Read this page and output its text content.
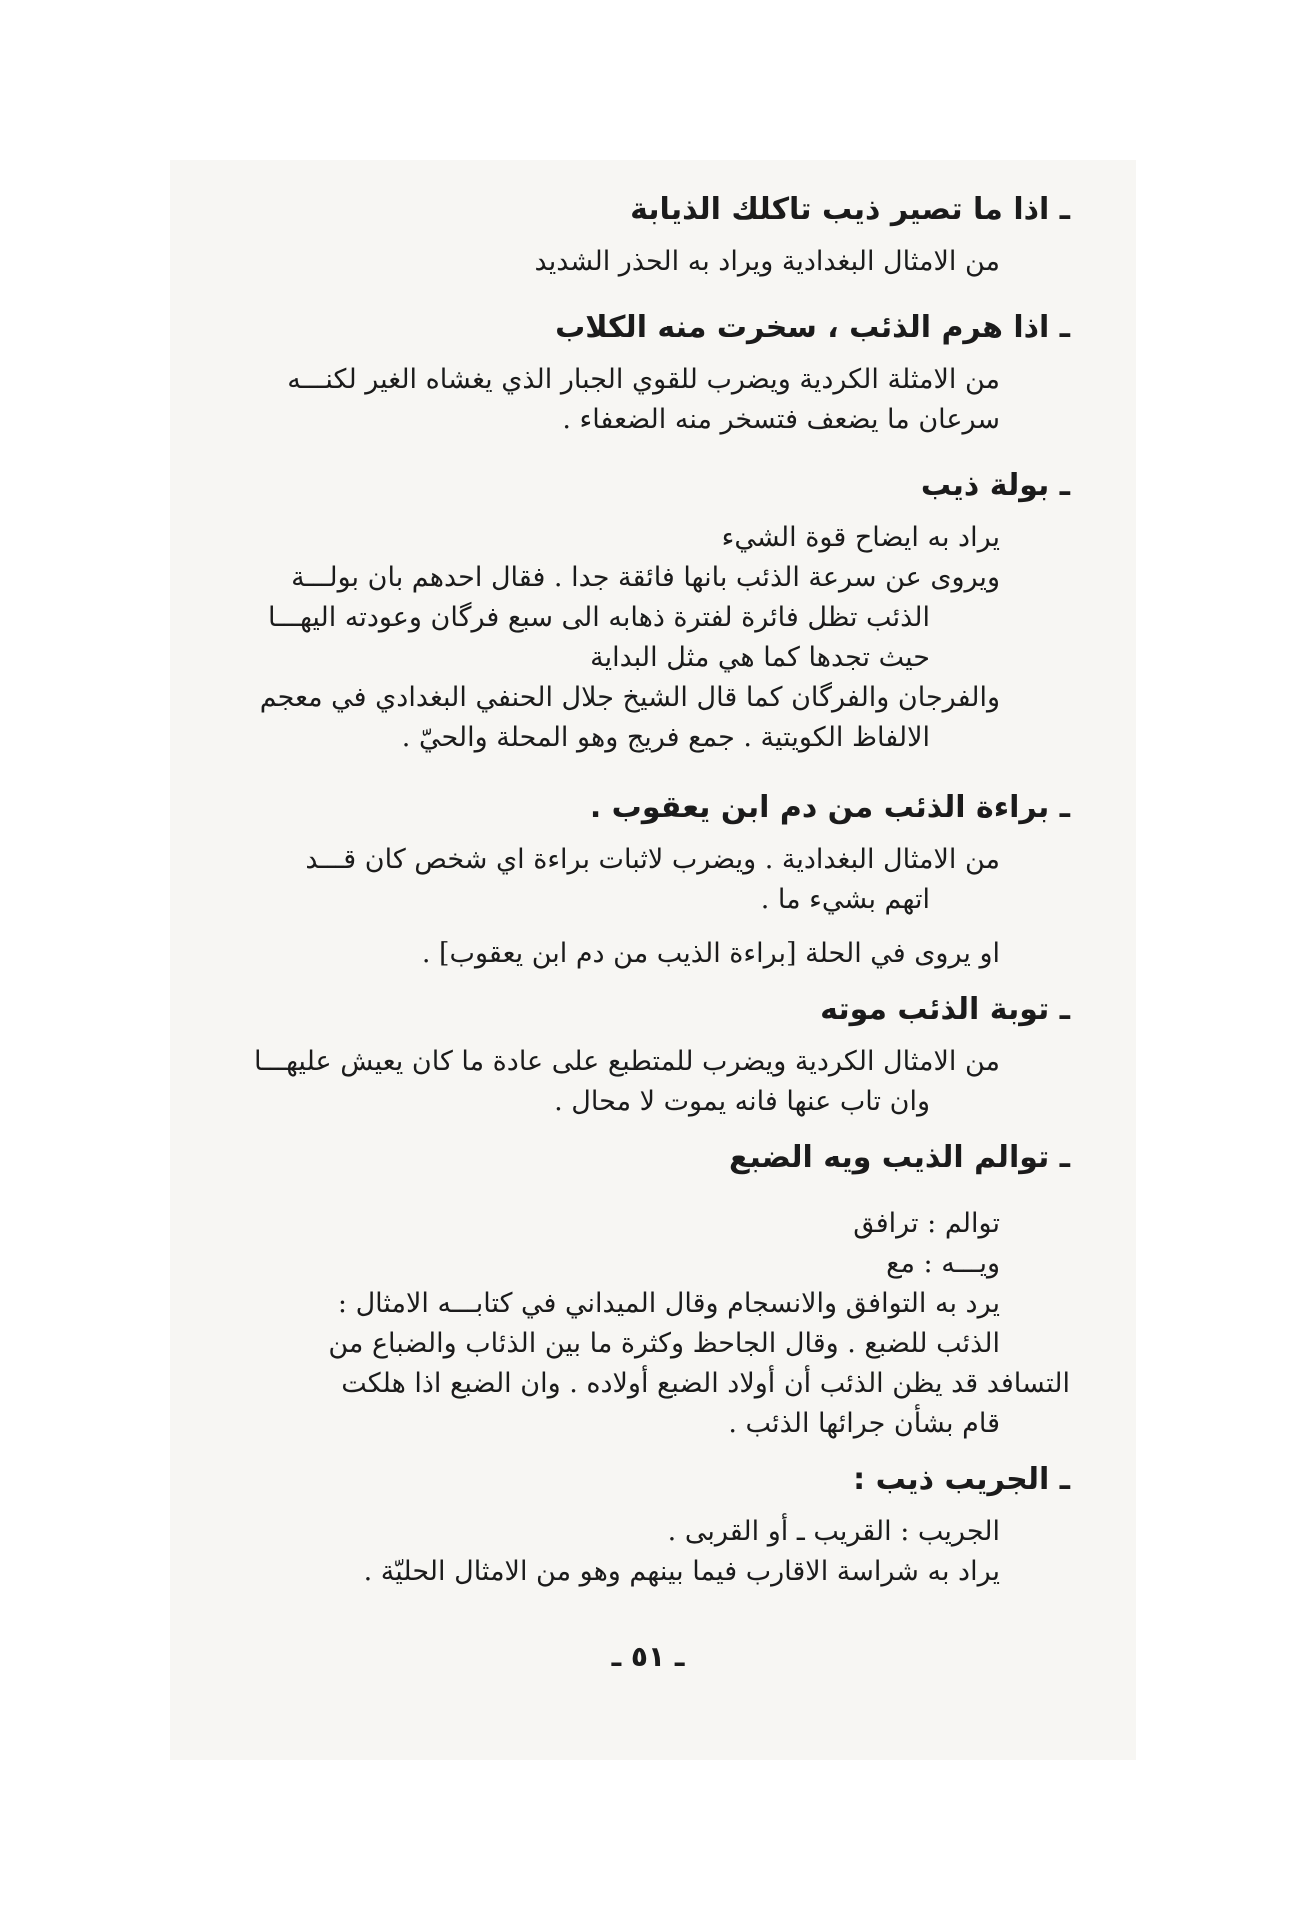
ـ اذا ما تصير ذيب تاكلك الذيابة
من الامثال البغدادية ويراد به الحذر الشديد
ـ اذا هرم الذئب ، سخرت منه الكلاب
من الامثلة الكردية ويضرب للقوي الجبار الذي يغشاه الغير لكنـــه
سرعان ما يضعف فتسخر منه الضعفاء .
ـ بولة ذيب
يراد به ايضاح قوة الشيء
ويروى عن سرعة الذئب بانها فائقة جدا . فقال احدهم بان بولـــة
الذئب تظل فائرة لفترة ذهابه الى سبع فرگان وعودته اليهـــا
حيث تجدها كما هي مثل البداية
والفرجان والفرگان كما قال الشيخ جلال الحنفي البغدادي في معجم
الالفاظ الكويتية . جمع فريج وهو المحلة والحيّ .
ـ براءة الذئب من دم ابن يعقوب .
من الامثال البغدادية . ويضرب لاثبات براءة اي شخص كان قـــد
اتهم بشيء ما .
او يروى في الحلة [براءة الذيب من دم ابن يعقوب] .
ـ توبة الذئب موته
من الامثال الكردية ويضرب للمتطبع على عادة ما كان يعيش عليهـــا
وان تاب عنها فانه يموت لا محال .
ـ توالم الذيب ويه الضبع
توالم : ترافق
ويـــه : مع
يرد به التوافق والانسجام وقال الميداني في كتابـــه الامثال :
الذئب للضبع . وقال الجاحظ وكثرة ما بين الذئاب والضباع من
التسافد قد يظن الذئب أن أولاد الضبع أولاده . وان الضبع اذا هلكت
قام بشأن جرائها الذئب .
ـ الجريب ذيب :
الجريب : القريب ـ أو القربى .
يراد به شراسة الاقارب فيما بينهم وهو من الامثال الحليّة .
ـ ٥١ ـ
